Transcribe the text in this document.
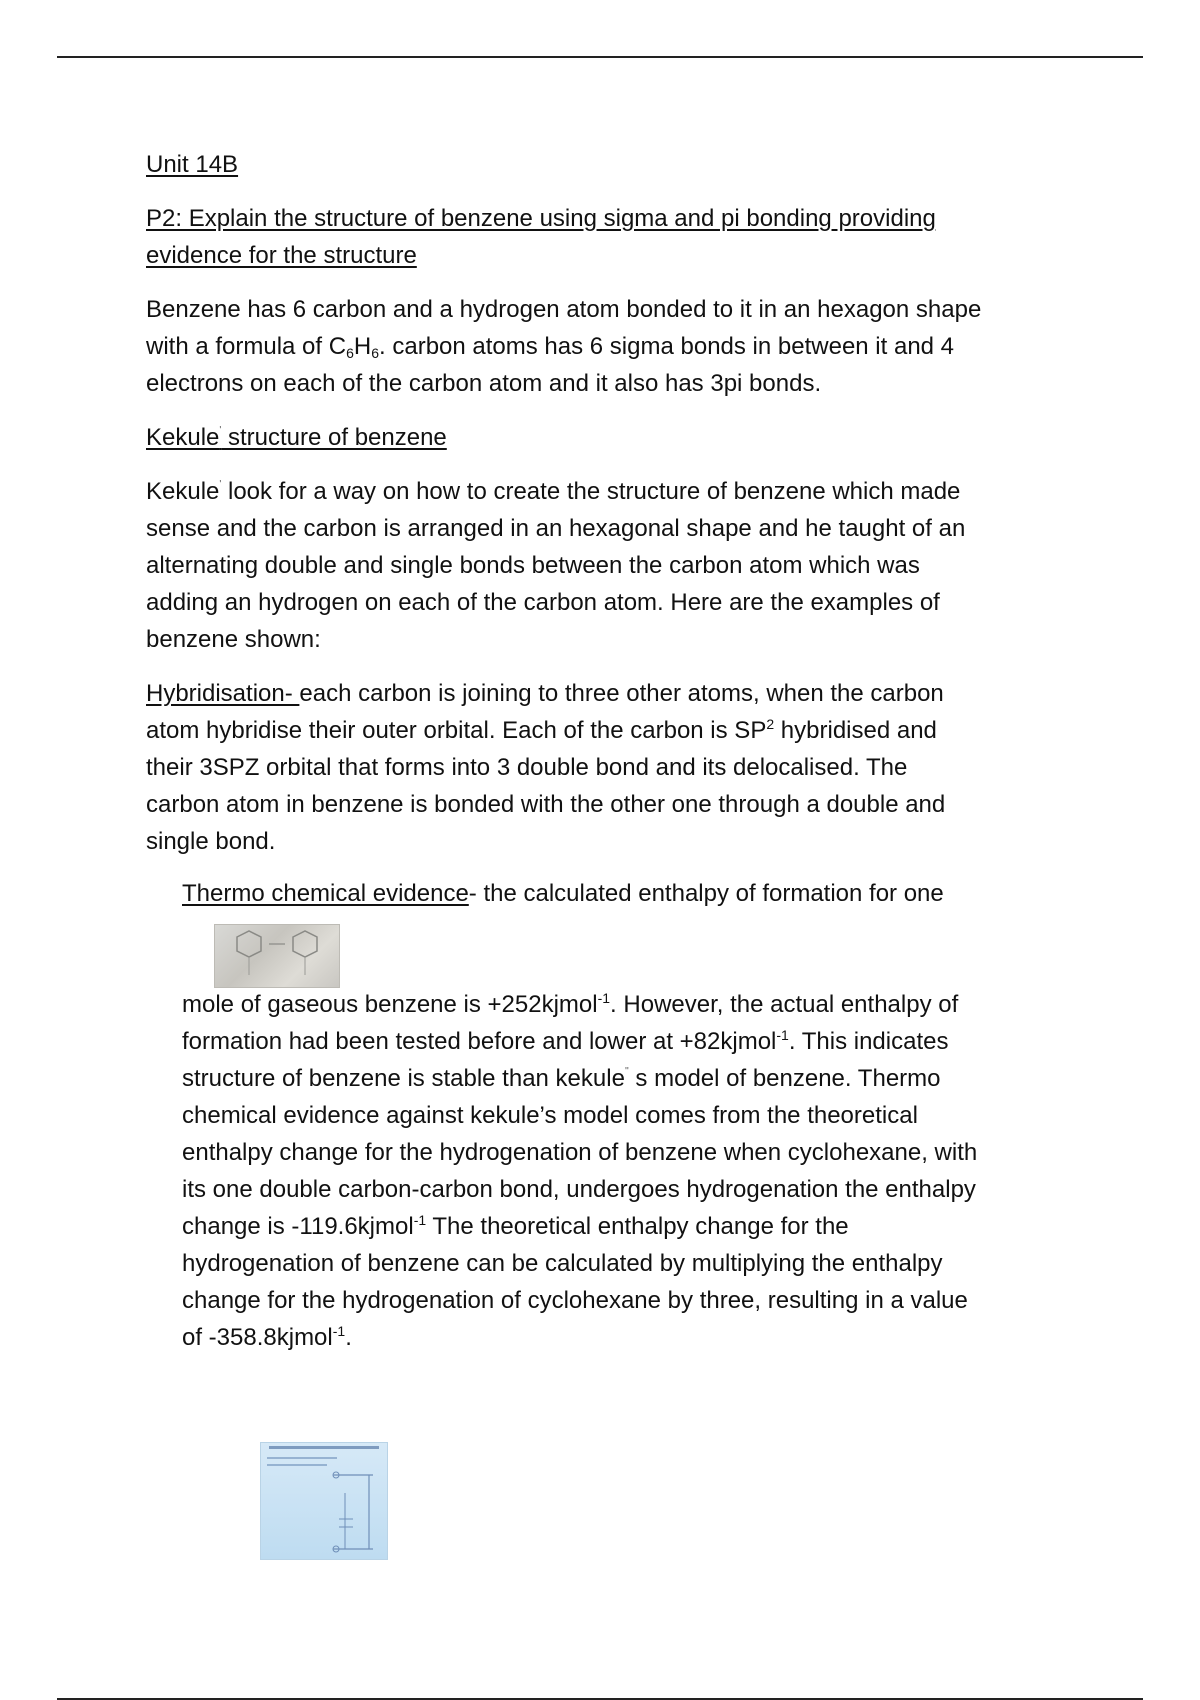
Unit 14B

P2: Explain the structure of benzene using sigma and pi bonding providing
evidence for the structure

Benzene has 6 carbon and a hydrogen atom bonded to it in an hexagon shape
with a formula of $C_6H_6$. carbon atoms has 6 sigma bonds in between it and 4
electrons on each of the carbon atom and it also has 3pi bonds.

Kekule' structure of benzene

Kekule' look for a way on how to create the structure of benzene which made
sense and the carbon is arranged in an hexagonal shape and he taught of an
alternating double and single bonds between the carbon atom which was
adding an hydrogen on each of the carbon atom. Here are the examples of
benzene shown:

Hybridisation- each carbon is joining to three other atoms, when the carbon
atom hybridise their outer orbital. Each of the carbon is $SP^2$ hybridised and
their 3SPZ orbital that forms into 3 double bond and its delocalised. The
carbon atom in benzene is bonded with the other one through a double and
single bond.

Thermo chemical evidence- the calculated enthalpy of formation for one
mole of gaseous benzene is +252kjmol$^{-1}$. However, the actual enthalpy of
formation had been tested before and lower at +82kjmol$^{-1}$. This indicates
structure of benzene is stable than kekule'' s model of benzene. Thermo
chemical evidence against kekule’s model comes from the theoretical
enthalpy change for the hydrogenation of benzene when cyclohexane, with
its one double carbon-carbon bond, undergoes hydrogenation the enthalpy
change is -119.6kjmol$^{-1}$ The theoretical enthalpy change for the
hydrogenation of benzene can be calculated by multiplying the enthalpy
change for the hydrogenation of cyclohexane by three, resulting in a value
of -358.8kjmol$^{-1}$.
